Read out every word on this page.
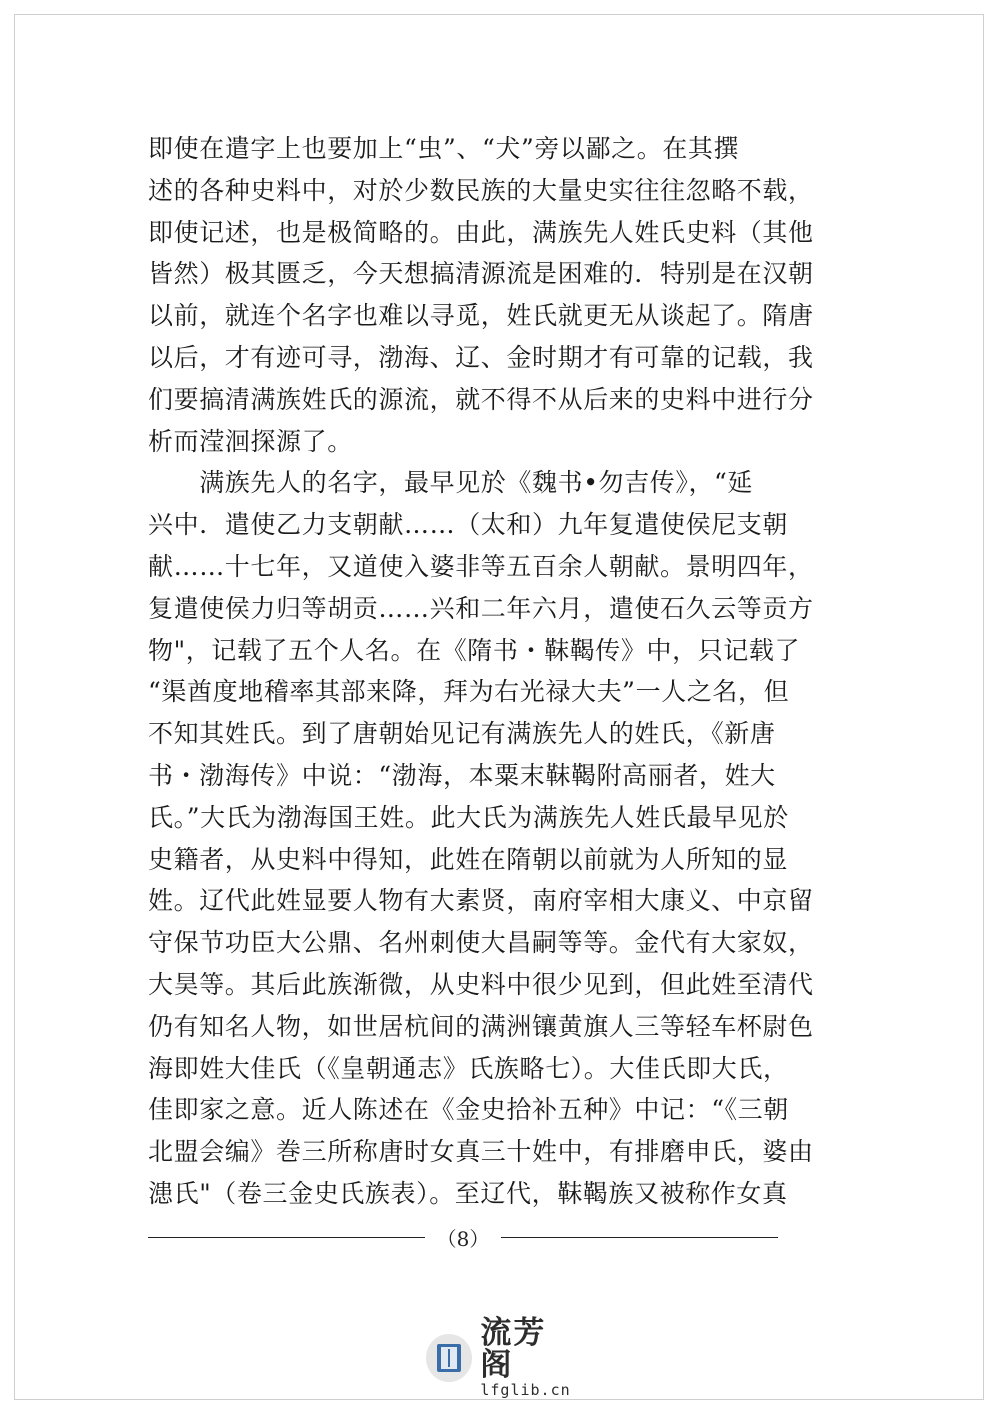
即使在遣字上也要加上“虫”、“犬”旁以鄙之。在其撰
述的各种史料中，对於少数民族的大量史实往往忽略不载，
即使记述，也是极简略的。由此，满族先人姓氏史料（其他
皆然）极其匮乏，今天想搞清源流是困难的．特别是在汉朝
以前，就连个名字也难以寻觅，姓氏就更无从谈起了。隋唐
以后，才有迹可寻，渤海、辽、金时期才有可靠的记载，我
们要搞清满族姓氏的源流，就不得不从后来的史料中进行分
析而滢洄探源了。
　　满族先人的名字，最早见於《魏书•勿吉传》，“延
兴中．遣使乙力支朝献……（太和）九年复遣使侯尼支朝
献……十七年，又道使入婆非等五百余人朝献。景明四年，
复遣使侯力归等胡贡……兴和二年六月，遣使石久云等贡方
物"，记载了五个人名。在《隋书・靺鞨传》中，只记载了
“渠酋度地稽率其部来降，拜为右光禄大夫”一人之名，但
不知其姓氏。到了唐朝始见记有满族先人的姓氏，《新唐
书・渤海传》中说：“渤海，本粟末靺鞨附高丽者，姓大
氏。”大氏为渤海国王姓。此大氏为满族先人姓氏最早见於
史籍者，从史料中得知，此姓在隋朝以前就为人所知的显
姓。辽代此姓显要人物有大素贤，南府宰相大康义、中京留
守保节功臣大公鼎、名州刺使大昌嗣等等。金代有大家奴，
大昊等。其后此族渐微，从史料中很少见到，但此姓至清代
仍有知名人物，如世居杭间的满洲镶黄旗人三等轻车杯尉色
海即姓大佳氏（《皇朝通志》氏族略七）。大佳氏即大氏，
佳即家之意。近人陈述在《金史拾补五种》中记：“《三朝
北盟会编》巻三所称唐时女真三十姓中，有排磨申氏，婆由
漶氏"（卷三金史氏族表）。至辽代，靺鞨族又被称作女真
（8）
流芳阁
lfglib.cn
